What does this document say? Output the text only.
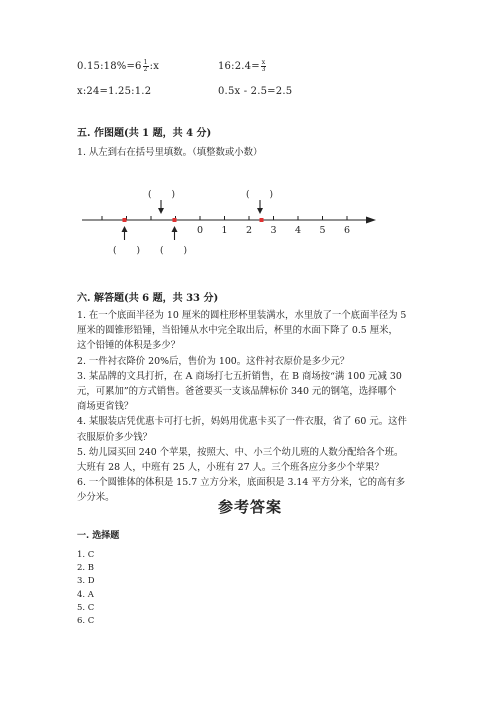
0.15:18%=6 $\frac{1}{2}$ :x	16:2.4= $\frac{x}{3}$
x:24=1.25:1.2	0.5x - 2.5=2.5
五. 作图题(共 1 题，共 4 分)
1. 从左到右在括号里填数。（填整数或小数）
0 1 2 3 4 5 6
(       )	(       )
(       ) (       )
六. 解答题(共 6 题，共 33 分)
1. 在一个底面半径为 10 厘米的圆柱形杯里装满水，水里放了一个底面半径为 5
厘米的圆锥形铅锤，当铅锤从水中完全取出后，杯里的水面下降了 0.5 厘米，
这个铅锤的体积是多少？
2. 一件衬衣降价 20%后，售价为 100。这件衬衣原价是多少元？
3. 某品牌的文具打折，在 A 商场打七五折销售，在 B 商场按“满 100 元减 30
元，可累加”的方式销售。爸爸要买一支该品牌标价 340 元的钢笔，选择哪个
商场更省钱？
4. 某服装店凭优惠卡可打七折，妈妈用优惠卡买了一件衣服，省了 60 元。这件
衣服原价多少钱？
5. 幼儿园买回 240 个苹果，按照大、中、小三个幼儿班的人数分配给各个班。
大班有 28 人，中班有 25 人，小班有 27 人。三个班各应分多少个苹果？
6. 一个圆锥体的体积是 15.7 立方分米，底面积是 3.14 平方分米，它的高有多
少分米。
参考答案
一. 选择题
1. C
2. B
3. D
4. A
5. C
6. C
